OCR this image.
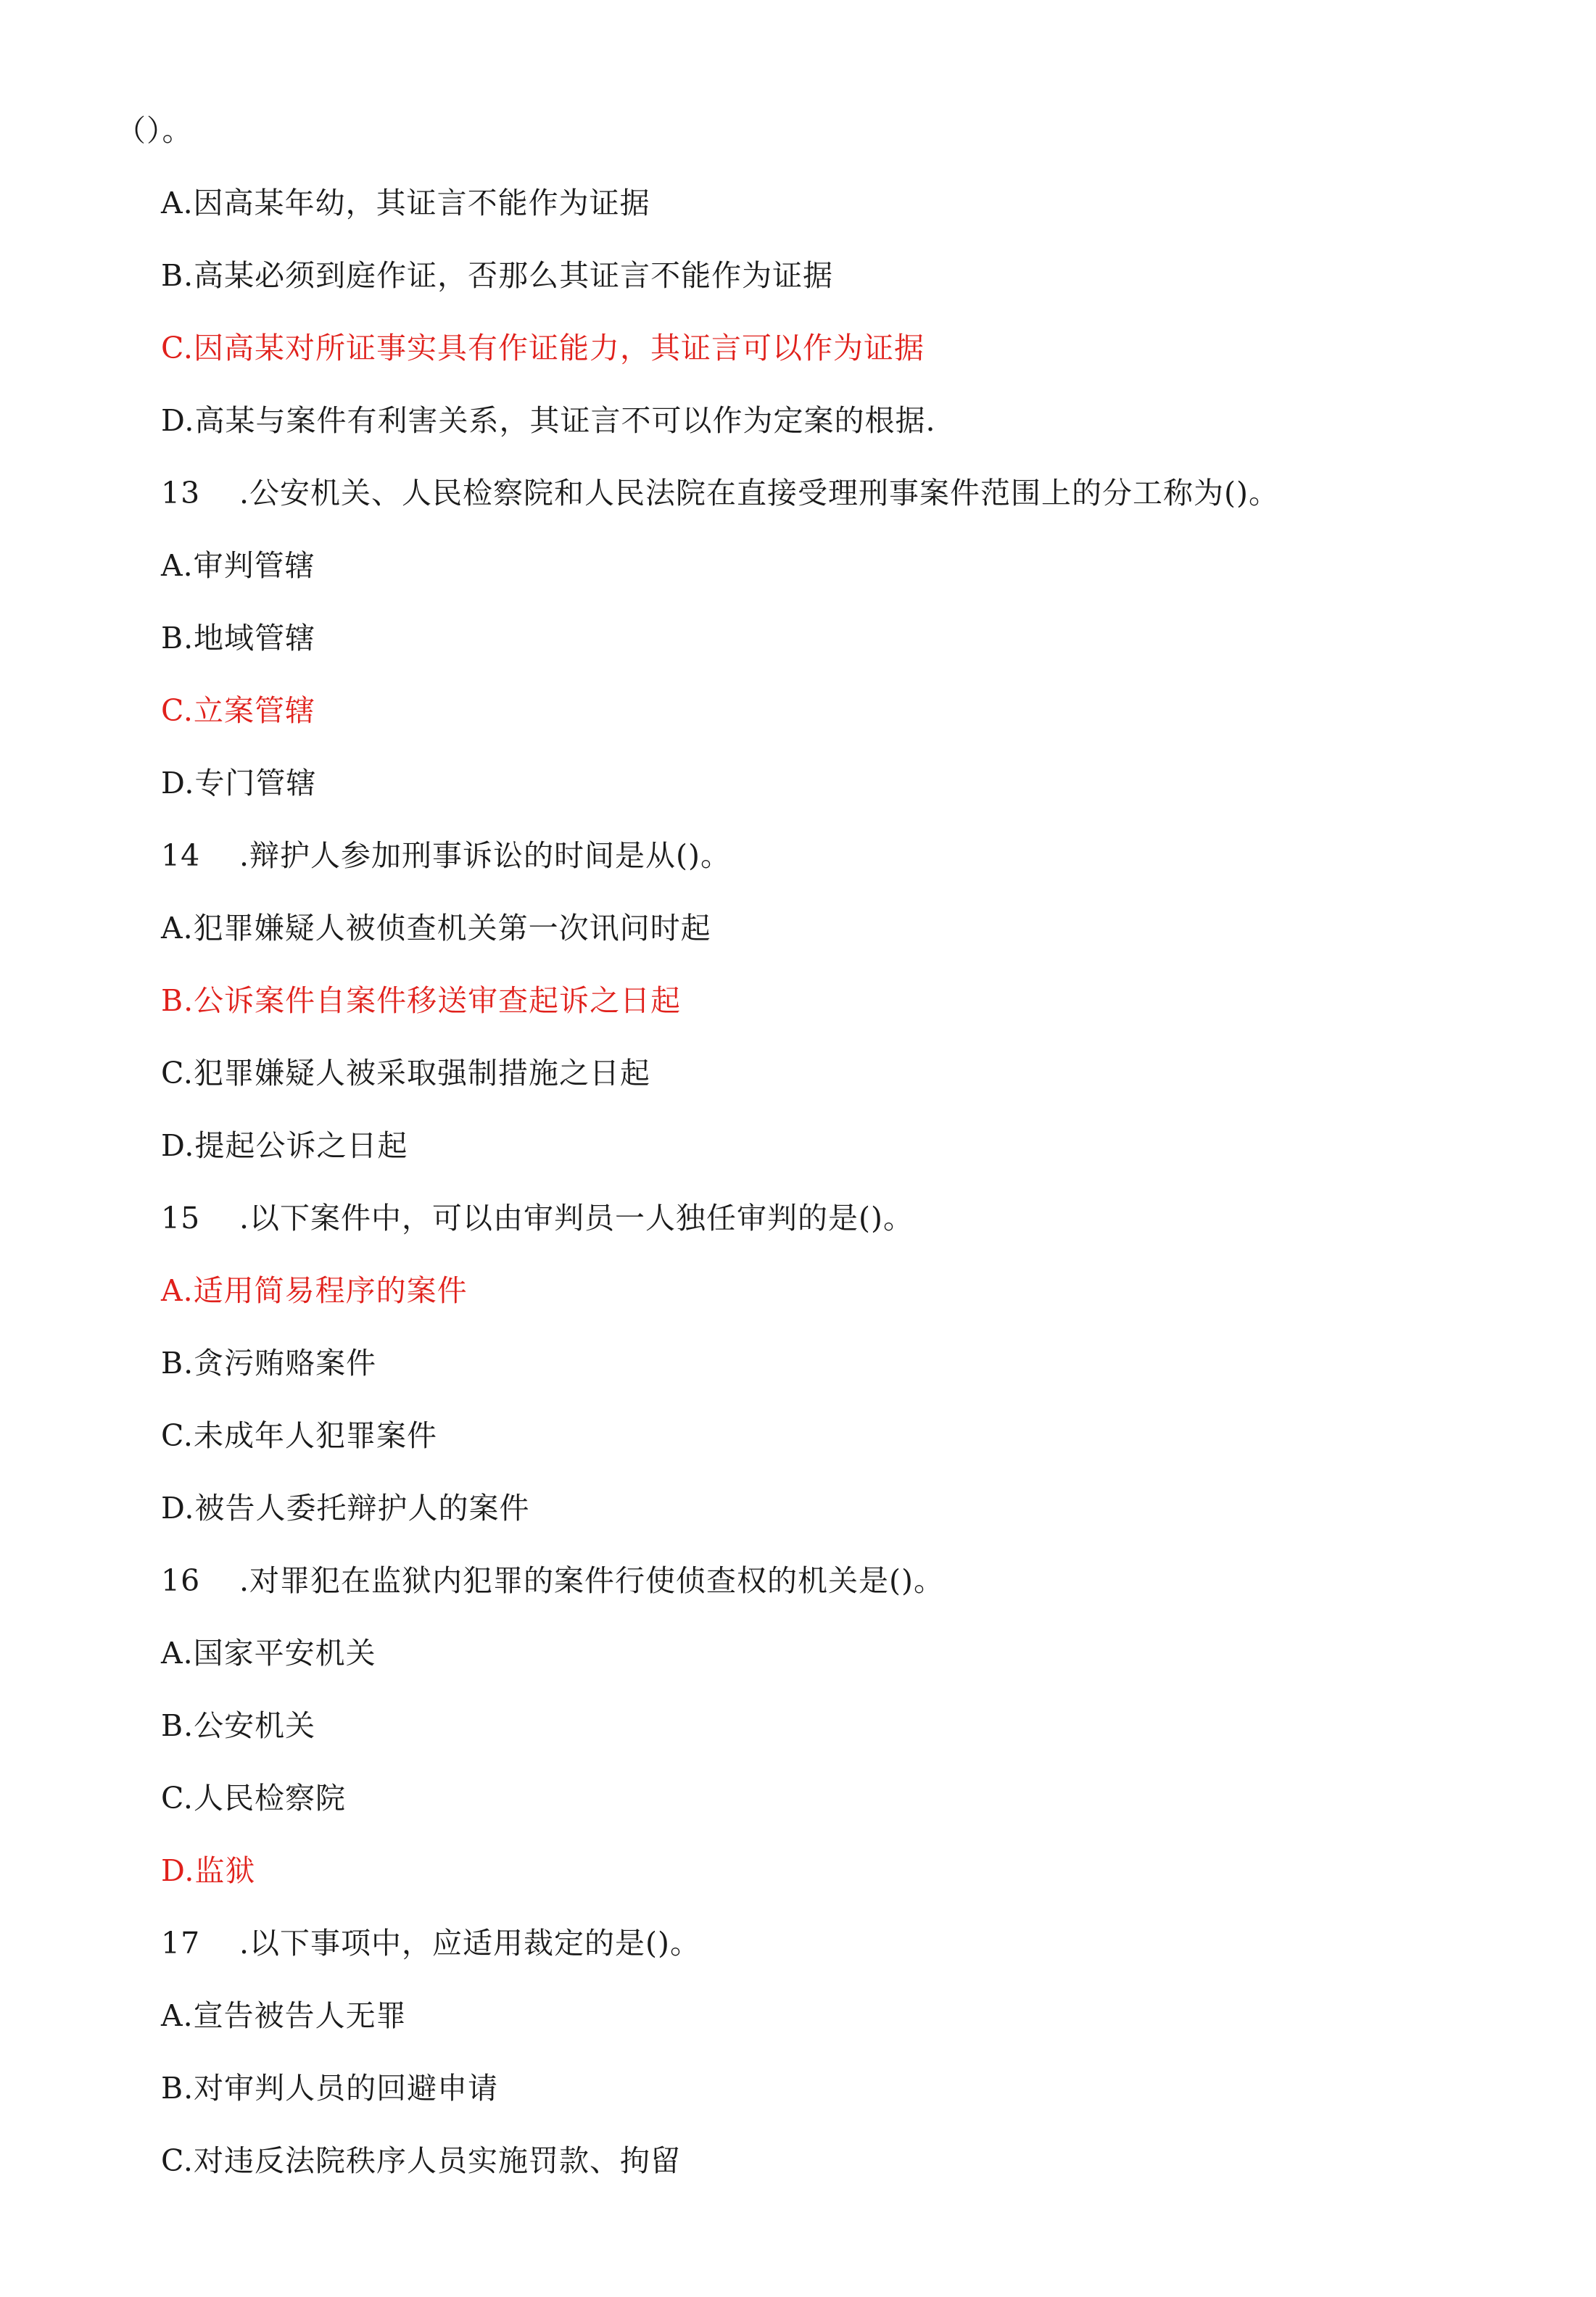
（）。
A.因高某年幼，其证言不能作为证据
B.高某必须到庭作证，否那么其证言不能作为证据
C.因高某对所证事实具有作证能力，其证言可以作为证据
D.高某与案件有利害关系，其证言不可以作为定案的根据.
13 .公安机关、人民检察院和人民法院在直接受理刑事案件范围上的分工称为()。
A.审判管辖
B.地域管辖
C.立案管辖
D.专门管辖
14 .辩护人参加刑事诉讼的时间是从()。
A.犯罪嫌疑人被侦查机关第一次讯问时起
B.公诉案件自案件移送审查起诉之日起
C.犯罪嫌疑人被采取强制措施之日起
D.提起公诉之日起
15 .以下案件中，可以由审判员一人独任审判的是()。
A.适用简易程序的案件
B.贪污贿赂案件
C.未成年人犯罪案件
D.被告人委托辩护人的案件
16 .对罪犯在监狱内犯罪的案件行使侦查权的机关是()。
A.国家平安机关
B.公安机关
C.人民检察院
D.监狱
17 .以下事项中，应适用裁定的是()。
A.宣告被告人无罪
B.对审判人员的回避申请
C.对违反法院秩序人员实施罚款、拘留
